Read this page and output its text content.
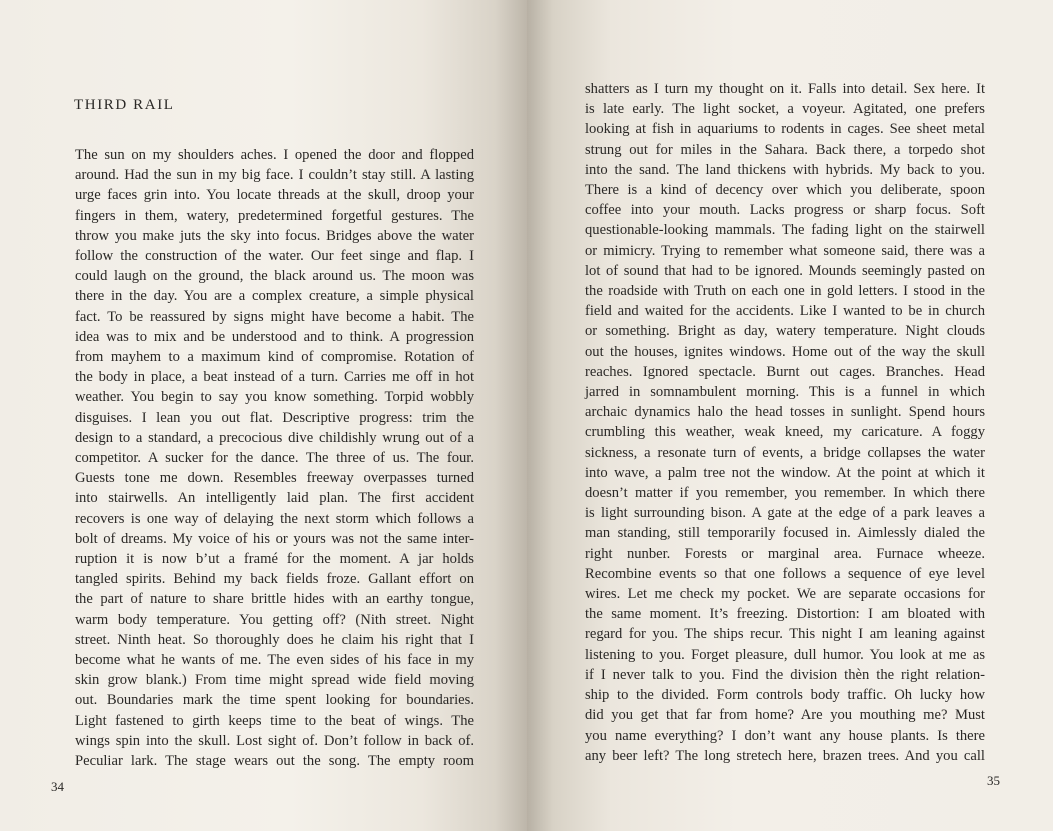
THIRD RAIL
The sun on my shoulders aches. I opened the door and flopped
around. Had the sun in my big face. I couldn’t stay still. A lasting
urge faces grin into. You locate threads at the skull, droop your
fingers in them, watery, predetermined forgetful gestures. The
throw you make juts the sky into focus. Bridges above the water
follow the construction of the water. Our feet singe and flap. I
could laugh on the ground, the black around us. The moon was
there in the day. You are a complex creature, a simple physical
fact. To be reassured by signs might have become a habit. The
idea was to mix and be understood and to think. A progression
from mayhem to a maximum kind of compromise. Rotation of
the body in place, a beat instead of a turn. Carries me off in hot
weather. You begin to say you know something. Torpid wobbly
disguises. I lean you out flat. Descriptive progress: trim the
design to a standard, a precocious dive childishly wrung out of a
competitor. A sucker for the dance. The three of us. The four.
Guests tone me down. Resembles freeway overpasses turned
into stairwells. An intelligently laid plan. The first accident
recovers is one way of delaying the next storm which follows a
bolt of dreams. My voice of his or yours was not the same inter-
ruption it is now b’ut a framé for the moment. A jar holds
tangled spirits. Behind my back fields froze. Gallant effort on
the part of nature to share brittle hides with an earthy tongue,
warm body temperature. You getting off? (Nith street. Night
street. Ninth heat. So thoroughly does he claim his right that I
become what he wants of me. The even sides of his face in my
skin grow blank.) From time might spread wide field moving
out. Boundaries mark the time spent looking for boundaries.
Light fastened to girth keeps time to the beat of wings. The
wings spin into the skull. Lost sight of. Don’t follow in back of.
Peculiar lark. The stage wears out the song. The empty room

34

shatters as I turn my thought on it. Falls into detail. Sex here. It
is late early. The light socket, a voyeur. Agitated, one prefers
looking at fish in aquariums to rodents in cages. See sheet metal
strung out for miles in the Sahara. Back there, a torpedo shot
into the sand. The land thickens with hybrids. My back to you.
There is a kind of decency over which you deliberate, spoon
coffee into your mouth. Lacks progress or sharp focus. Soft
questionable-looking mammals. The fading light on the stairwell
or mimicry. Trying to remember what someone said, there was a
lot of sound that had to be ignored. Mounds seemingly pasted on
the roadside with Truth on each one in gold letters. I stood in the
field and waited for the accidents. Like I wanted to be in church
or something. Bright as day, watery temperature. Night clouds
out the houses, ignites windows. Home out of the way the skull
reaches. Ignored spectacle. Burnt out cages. Branches. Head
jarred in somnambulent morning. This is a funnel in which
archaic dynamics halo the head tosses in sunlight. Spend hours
crumbling this weather, weak kneed, my caricature. A foggy
sickness, a resonate turn of events, a bridge collapses the water
into wave, a palm tree not the window. At the point at which it
doesn’t matter if you remember, you remember. In which there
is light surrounding bison. A gate at the edge of a park leaves a
man standing, still temporarily focused in. Aimlessly dialed the
right nunber. Forests or marginal area. Furnace wheeze.
Recombine events so that one follows a sequence of eye level
wires. Let me check my pocket. We are separate occasions for
the same moment. It’s freezing. Distortion: I am bloated with
regard for you. The ships recur. This night I am leaning against
listening to you. Forget pleasure, dull humor. You look at me as
if I never talk to you. Find the division thèn the right relation-
ship to the divided. Form controls body traffic. Oh lucky how
did you get that far from home? Are you mouthing me? Must
you name everything? I don’t want any house plants. Is there
any beer left? The long stretech here, brazen trees. And you call

35
